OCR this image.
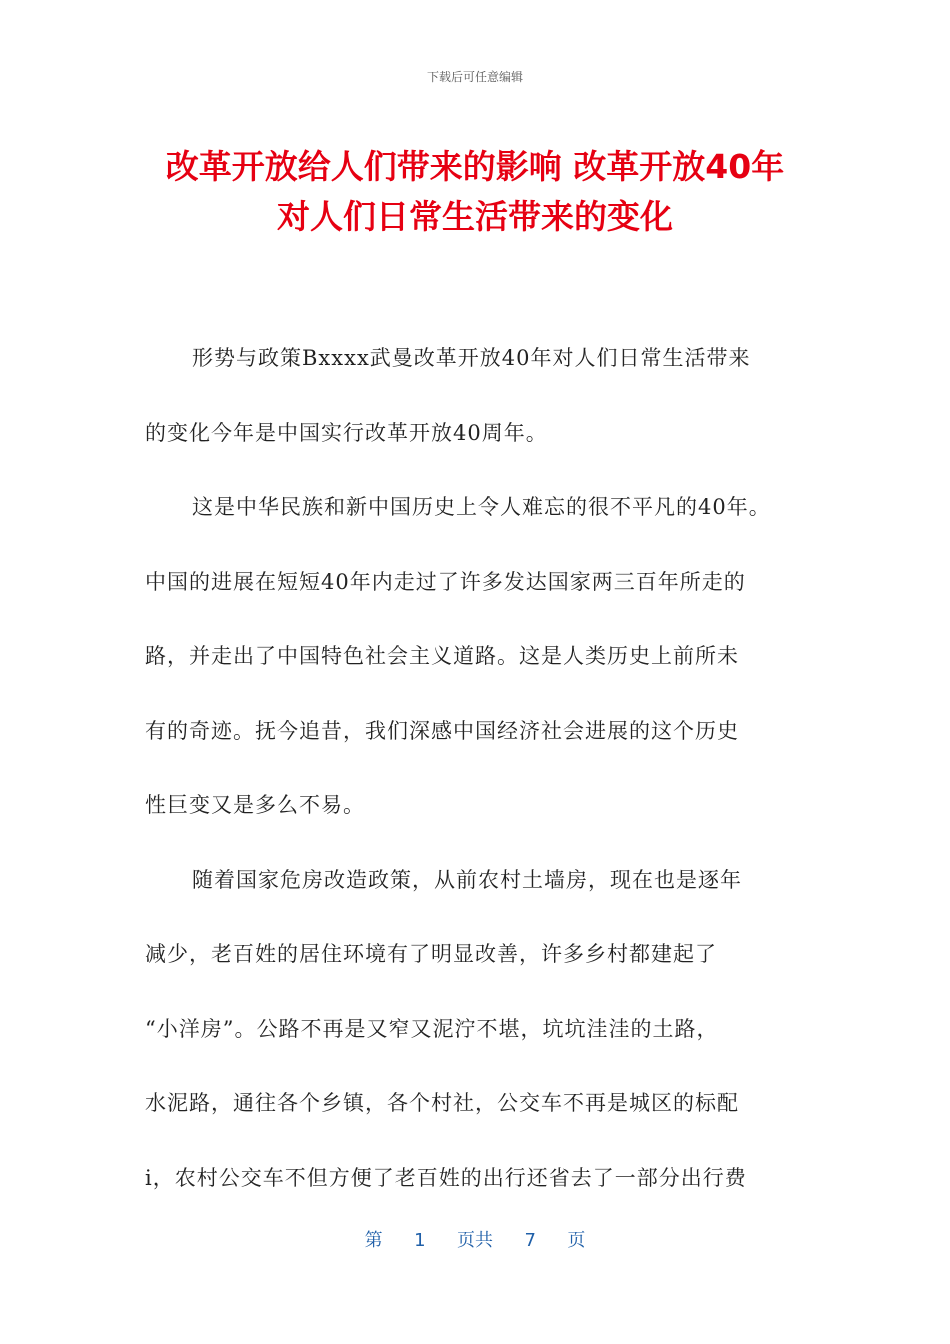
下载后可任意编辑
改革开放给人们带来的影响 改革开放40年
对人们日常生活带来的变化
形势与政策Bxxxx武曼改革开放40年对人们日常生活带来
的变化今年是中国实行改革开放40周年。
这是中华民族和新中国历史上令人难忘的很不平凡的40年。
中国的进展在短短40年内走过了许多发达国家两三百年所走的
路，并走出了中国特色社会主义道路。这是人类历史上前所未
有的奇迹。抚今追昔，我们深感中国经济社会进展的这个历史
性巨变又是多么不易。
随着国家危房改造政策，从前农村土墙房，现在也是逐年
减少，老百姓的居住环境有了明显改善，许多乡村都建起了
“小洋房”。公路不再是又窄又泥泞不堪，坑坑洼洼的土路，
水泥路，通往各个乡镇，各个村社，公交车不再是城区的标配
i，农村公交车不但方便了老百姓的出行还省去了一部分出行费
第 1 页共 7 页
